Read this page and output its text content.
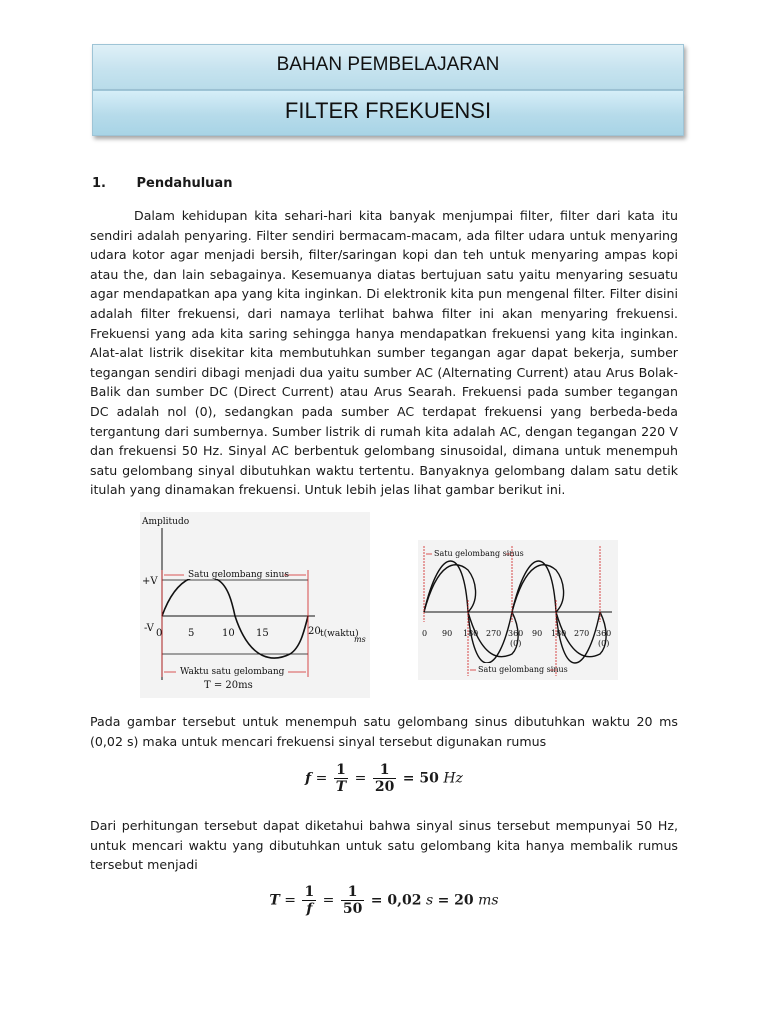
BAHAN PEMBELAJARAN
FILTER FREKUENSI
1. Pendahuluan

Dalam kehidupan kita sehari-hari kita banyak menjumpai filter, filter dari kata itu sendiri adalah penyaring. Filter sendiri bermacam-macam, ada filter udara untuk menyaring udara kotor agar menjadi bersih, filter/saringan kopi dan teh untuk menyaring ampas kopi atau the, dan lain sebagainya. Kesemuanya diatas bertujuan satu yaitu menyaring sesuatu agar mendapatkan apa yang kita inginkan. Di elektronik kita pun mengenal filter. Filter disini adalah filter frekuensi, dari namaya terlihat bahwa filter ini akan menyaring frekuensi. Frekuensi yang ada kita saring sehingga hanya mendapatkan frekuensi yang kita inginkan. Alat-alat listrik disekitar kita membutuhkan sumber tegangan agar dapat bekerja, sumber tegangan sendiri dibagi menjadi dua yaitu sumber AC (Alternating Current) atau Arus Bolak-Balik dan sumber DC (Direct Current) atau Arus Searah. Frekuensi pada sumber tegangan DC adalah nol (0), sedangkan pada sumber AC terdapat frekuensi yang berbeda-beda tergantung dari sumbernya. Sumber listrik di rumah kita adalah AC, dengan tegangan 220 V dan frekuensi 50 Hz. Sinyal AC berbentuk gelombang sinusoidal, dimana untuk menempuh satu gelombang sinyal dibutuhkan waktu tertentu. Banyaknya gelombang dalam satu detik itulah yang dinamakan frekuensi. Untuk lebih jelas lihat gambar berikut ini.

Amplitudo
+V
-V
Satu gelombang sinus
0	5	10 15	20 t(waktu)
ms
Waktu satu gelombang
T = 20ms
Satu gelombang sinus
Satu gelombang sinus
0 90 180 270 360 90 180 270 360
(0)	(0)

Pada gambar tersebut untuk menempuh satu gelombang sinus dibutuhkan waktu 20 ms (0,02 s) maka untuk mencari frekuensi sinyal tersebut digunakan rumus

$f = \frac{1}{T} = \frac{1}{20} = 50$ Hz

Dari perhitungan tersebut dapat diketahui bahwa sinyal sinus tersebut mempunyai 50 Hz, untuk mencari waktu yang dibutuhkan untuk satu gelombang kita hanya membalik rumus tersebut menjadi

$T = \frac{1}{f} = \frac{1}{50} = 0,02$ s = 20 ms
